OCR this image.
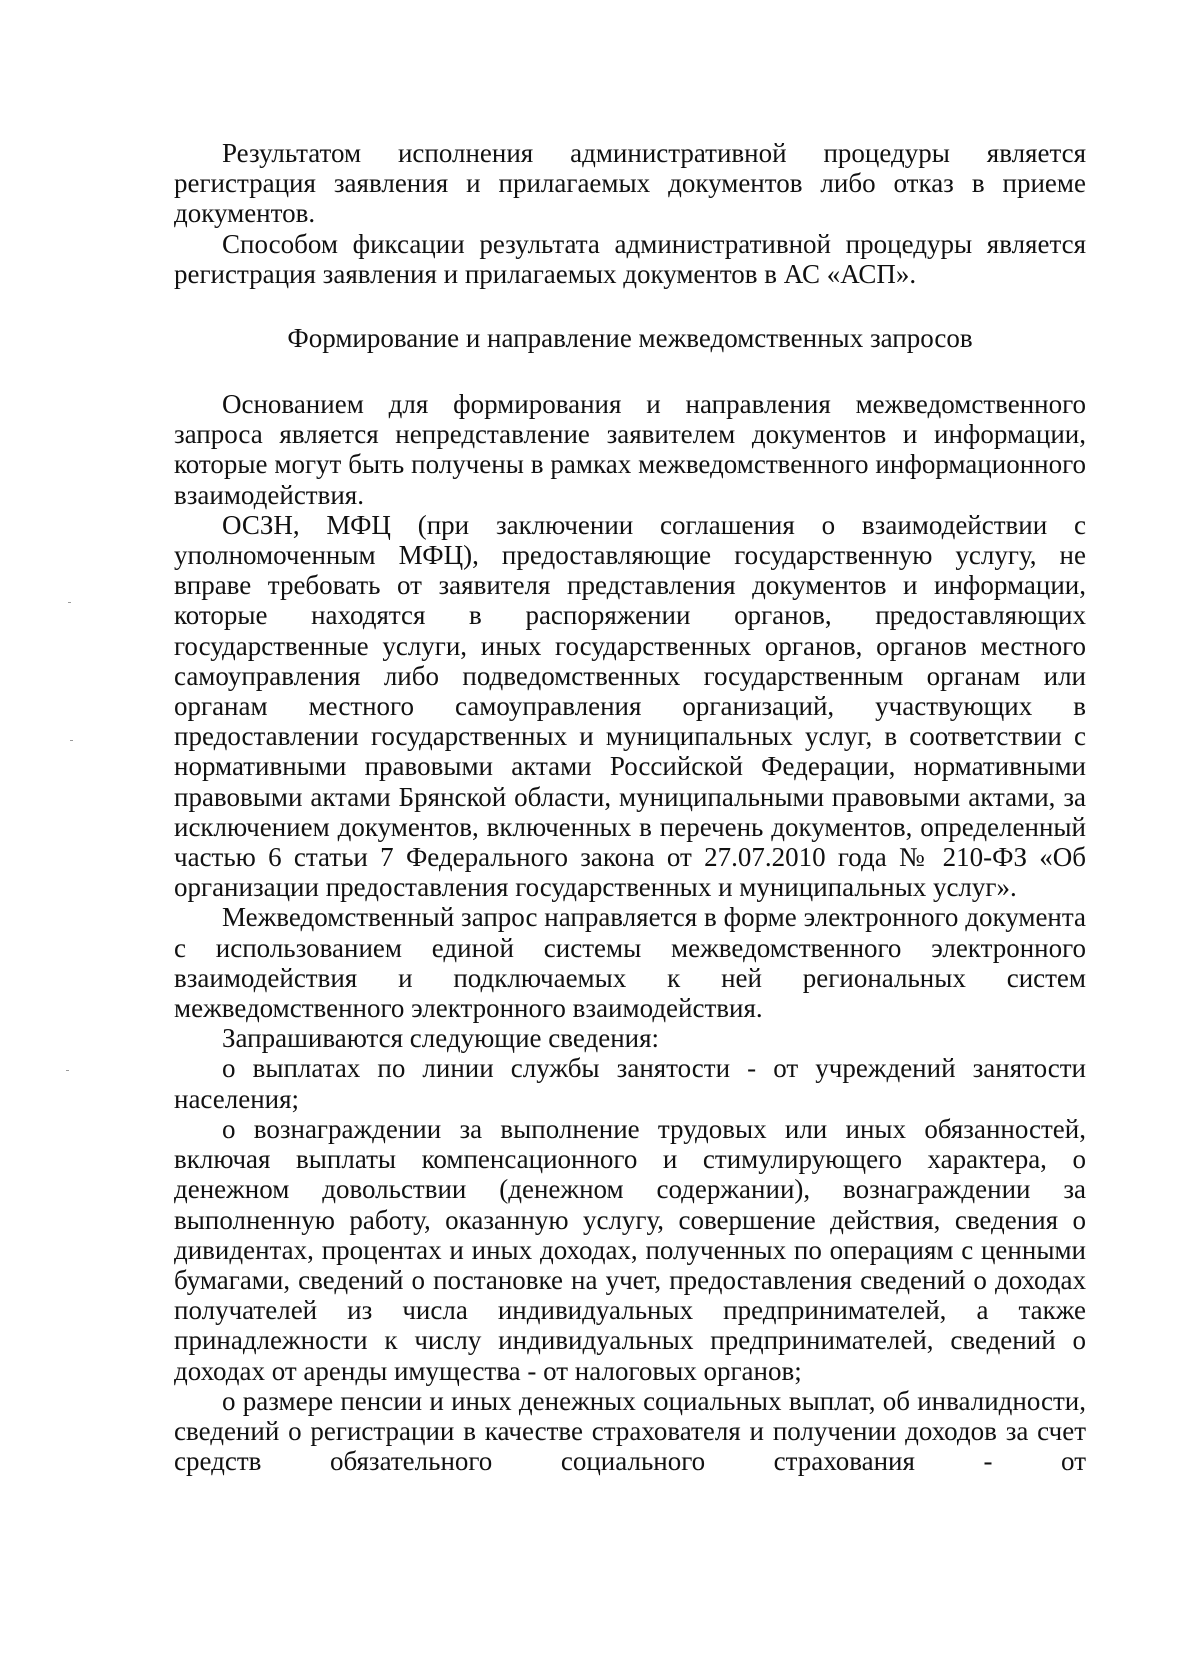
Результатом исполнения административной процедуры является регистрация заявления и прилагаемых документов либо отказ в приеме документов.

Способом фиксации результата административной процедуры является регистрация заявления и прилагаемых документов в АС «АСП».

Формирование и направление межведомственных запросов

Основанием для формирования и направления межведомственного запроса является непредставление заявителем документов и информации, которые могут быть получены в рамках межведомственного информационного взаимодействия.

ОСЗН, МФЦ (при заключении соглашения о взаимодействии с уполномоченным МФЦ), предоставляющие государственную услугу, не вправе требовать от заявителя представления документов и информации, которые находятся в распоряжении органов, предоставляющих государственные услуги, иных государственных органов, органов местного самоуправления либо подведомственных государственным органам или органам местного самоуправления организаций, участвующих в предоставлении государственных и муниципальных услуг, в соответствии с нормативными правовыми актами Российской Федерации, нормативными правовыми актами Брянской области, муниципальными правовыми актами, за исключением документов, включенных в перечень документов, определенный частью 6 статьи 7 Федерального закона от 27.07.2010 года № 210-ФЗ «Об организации предоставления государственных и муниципальных услуг».

Межведомственный запрос направляется в форме электронного документа с использованием единой системы межведомственного электронного взаимодействия и подключаемых к ней региональных систем межведомственного электронного взаимодействия.

Запрашиваются следующие сведения:

о выплатах по линии службы занятости - от учреждений занятости населения;

о вознаграждении за выполнение трудовых или иных обязанностей, включая выплаты компенсационного и стимулирующего характера, о денежном довольствии (денежном содержании), вознаграждении за выполненную работу, оказанную услугу, совершение действия, сведения о дивидентах, процентах и иных доходах, полученных по операциям с ценными бумагами, сведений о постановке на учет, предоставления сведений о доходах получателей из числа индивидуальных предпринимателей, а также принадлежности к числу индивидуальных предпринимателей, сведений о доходах от аренды имущества - от налоговых органов;

о размере пенсии и иных денежных социальных выплат, об инвалидности, сведений о регистрации в качестве страхователя и получении доходов за счет средств обязательного социального страхования - от
